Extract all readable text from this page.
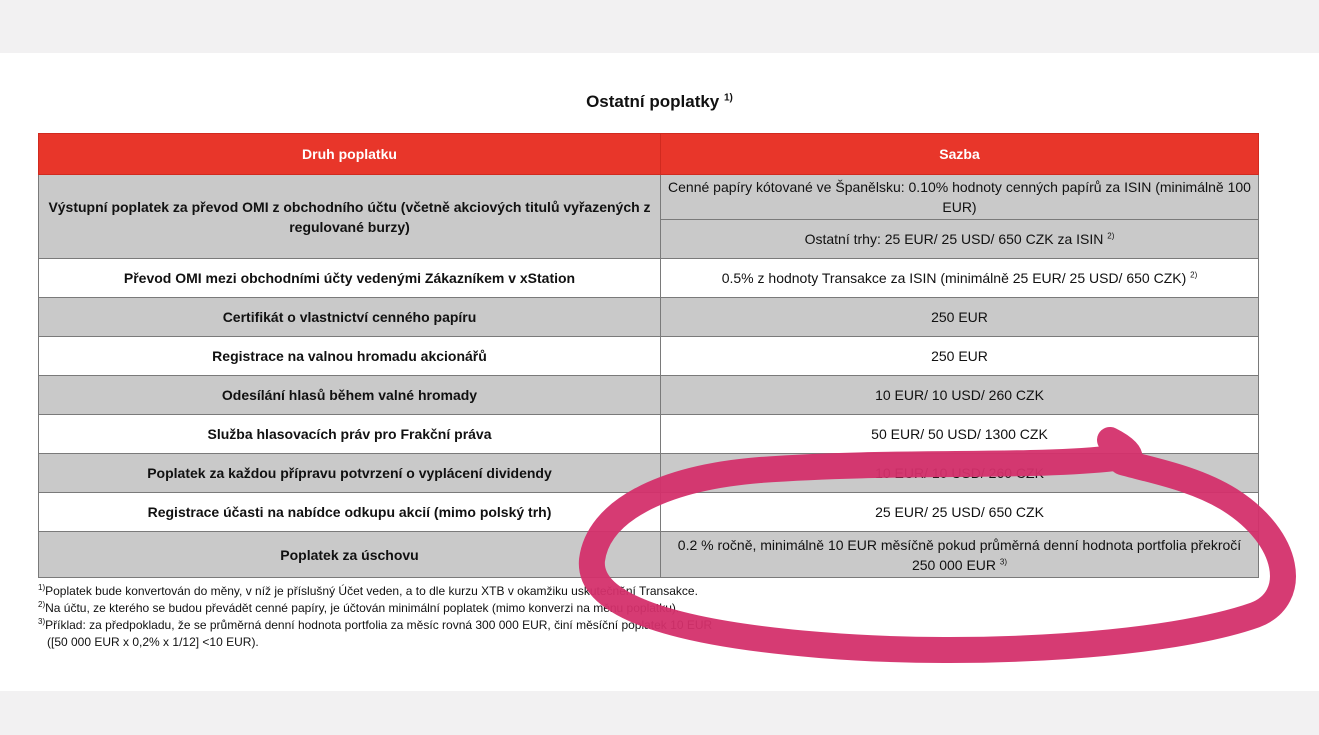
Ostatní poplatky $^{1)}$
Druh poplatku	Sazba
Výstupní poplatek za převod OMI z obchodního účtu (včetně akciových titulů vyřazených z regulované burzy)	Cenné papíry kótované ve Španělsku: 0.10% hodnoty cenných papírů za ISIN (minimálně 100 EUR)
	Ostatní trhy: 25 EUR/ 25 USD/ 650 CZK za ISIN $^{2)}$
Převod OMI mezi obchodními účty vedenými Zákazníkem v xStation	0.5% z hodnoty Transakce za ISIN (minimálně 25 EUR/ 25 USD/ 650 CZK) $^{2)}$
Certifikát o vlastnictví cenného papíru	250 EUR
Registrace na valnou hromadu akcionářů	250 EUR
Odesílání hlasů během valné hromady	10 EUR/ 10 USD/ 260 CZK
Služba hlasovacích práv pro Frakční práva	50 EUR/ 50 USD/ 1300 CZK
Poplatek za každou přípravu potvrzení o vyplácení dividendy	10 EUR/ 10 USD/ 260 CZK
Registrace účasti na nabídce odkupu akcií (mimo polský trh)	25 EUR/ 25 USD/ 650 CZK
Poplatek za úschovu	0.2 % ročně, minimálně 10 EUR měsíčně pokud průměrná denní hodnota portfolia překročí 250 000 EUR $^{3)}$
$^{1)}$Poplatek bude konvertován do měny, v níž je příslušný Účet veden, a to dle kurzu XTB v okamžiku uskutečnění Transakce.
$^{2)}$Na účtu, ze kterého se budou převádět cenné papíry, je účtován minimální poplatek (mimo konverzi na měnu poplatku).
$^{3)}$Příklad: za předpokladu, že se průměrná denní hodnota portfolia za měsíc rovná 300 000 EUR, činí měsíční poplatek 10 EUR
([50 000 EUR x 0,2% x 1/12] <10 EUR).
